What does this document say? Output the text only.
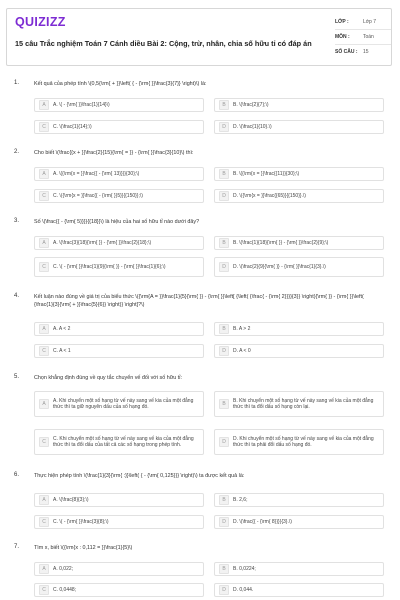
QUIZIZZ
15 câu Trắc nghiệm Toán 7 Cánh diều Bài 2: Cộng, trừ, nhân, chia số hữu tỉ có đáp án
LỚP :	Lớp 7
MÔN :	Toán
SỐ CÂU :	15
1.	Kết quả của phép tính \(0,5{\rm{ + }}\left( { - {\rm{ }}\frac{3}{7}} \right)\) là:
A	A. \( - {\rm{ }}\frac{1}{14}\)	B	B. \(\frac{2}{7};\)
C	C. \(\frac{1}{14};\)	D	D. \(\frac{1}{10}.\)
2.	Cho biết \(\frac{{x + }}\frac{2}{15}{\rm{ = }} - {\rm{ }}\frac{3}{10}\) thì:
A	A. \({\rm{x = }}\frac{{ - {\rm{ 13}}}}{30};\)	B	B. \({\rm{x = }}\frac{{11}}{30};\)
C	C. \({\rm{x = }}\frac{{ - {\rm{ }}5}}{{150}};\)	D	D. \({\rm{x = }}\frac{{65}}{{150}}.\)
3.	Số \(\frac{{ - {\rm{ 5}}}}{{18}}\) là hiệu của hai số hữu tỉ nào dưới đây?
A	A. \(\frac{3}{18}{\rm{ }} - {\rm{ }}\frac{2}{18};\)	B	B. \(\frac{1}{18}{\rm{ }} - {\rm{ }}\frac{2}{9};\)
C	C. \( - {\rm{ }}\frac{1}{9}{\rm{ }} - {\rm{ }}\frac{1}{6};\)	D	D. \(\frac{2}{9}{\rm{ }} - {\rm{ }}\frac{1}{3}.\)
4.	Kết luận nào đúng về giá trị của biểu thức \({\rm{A = }}\frac{1}{5}{\rm{ }} - {\rm{ }}\left[ {\left( {\frac{ - {\rm{ 2}}}}{3}} \right){\rm{ }} - {\rm{ }}\left( {\frac{1}{3}{\rm{ + }}\frac{5}{6}} \right)} \right]?\)
A	A. A < 2	B	B. A > 2
C	C. A < 1	D	D. A < 0
5.	Chọn khẳng định đúng về quy tắc chuyển vế đối với số hữu tỉ:
A
A. Khi chuyển một số hạng từ vế này sang vế kia của một đẳng thức thì ta giữ nguyên dấu của số hạng đó.	B
B. Khi chuyển một số hạng từ vế này sang vế kia của một đẳng thức thì ta đổi dấu số hạng còn lại.
C
C. Khi chuyển một số hạng từ vế này sang vế kia của một đẳng thức thì ta đổi dấu của tất cả các số hạng trong phép tính.	D
D. Khi chuyển một số hạng từ vế này sang vế kia của một đẳng thức thì ta phải đổi dấu số hạng đó.
6.	Thực hiện phép tính \(\frac{1}{3}{\rm{ :}}\left( { - {\rm{ 0,125}}} \right)\) ta được kết quả là:
A	A. \(\frac{8}{3};\)	B	B. 2,6;
C	C. \( - {\rm{ }}\frac{3}{8};\)	D	D. \(\frac{{ - {\rm{ 8}}}}{3}.\)
7.	Tìm x, biết \({\rm{x : 0,112 = }}\frac{1}{5}\)
A	A. 0,022;	B	B. 0,0224;
C	C. 0,0448;	D	D. 0,044.
